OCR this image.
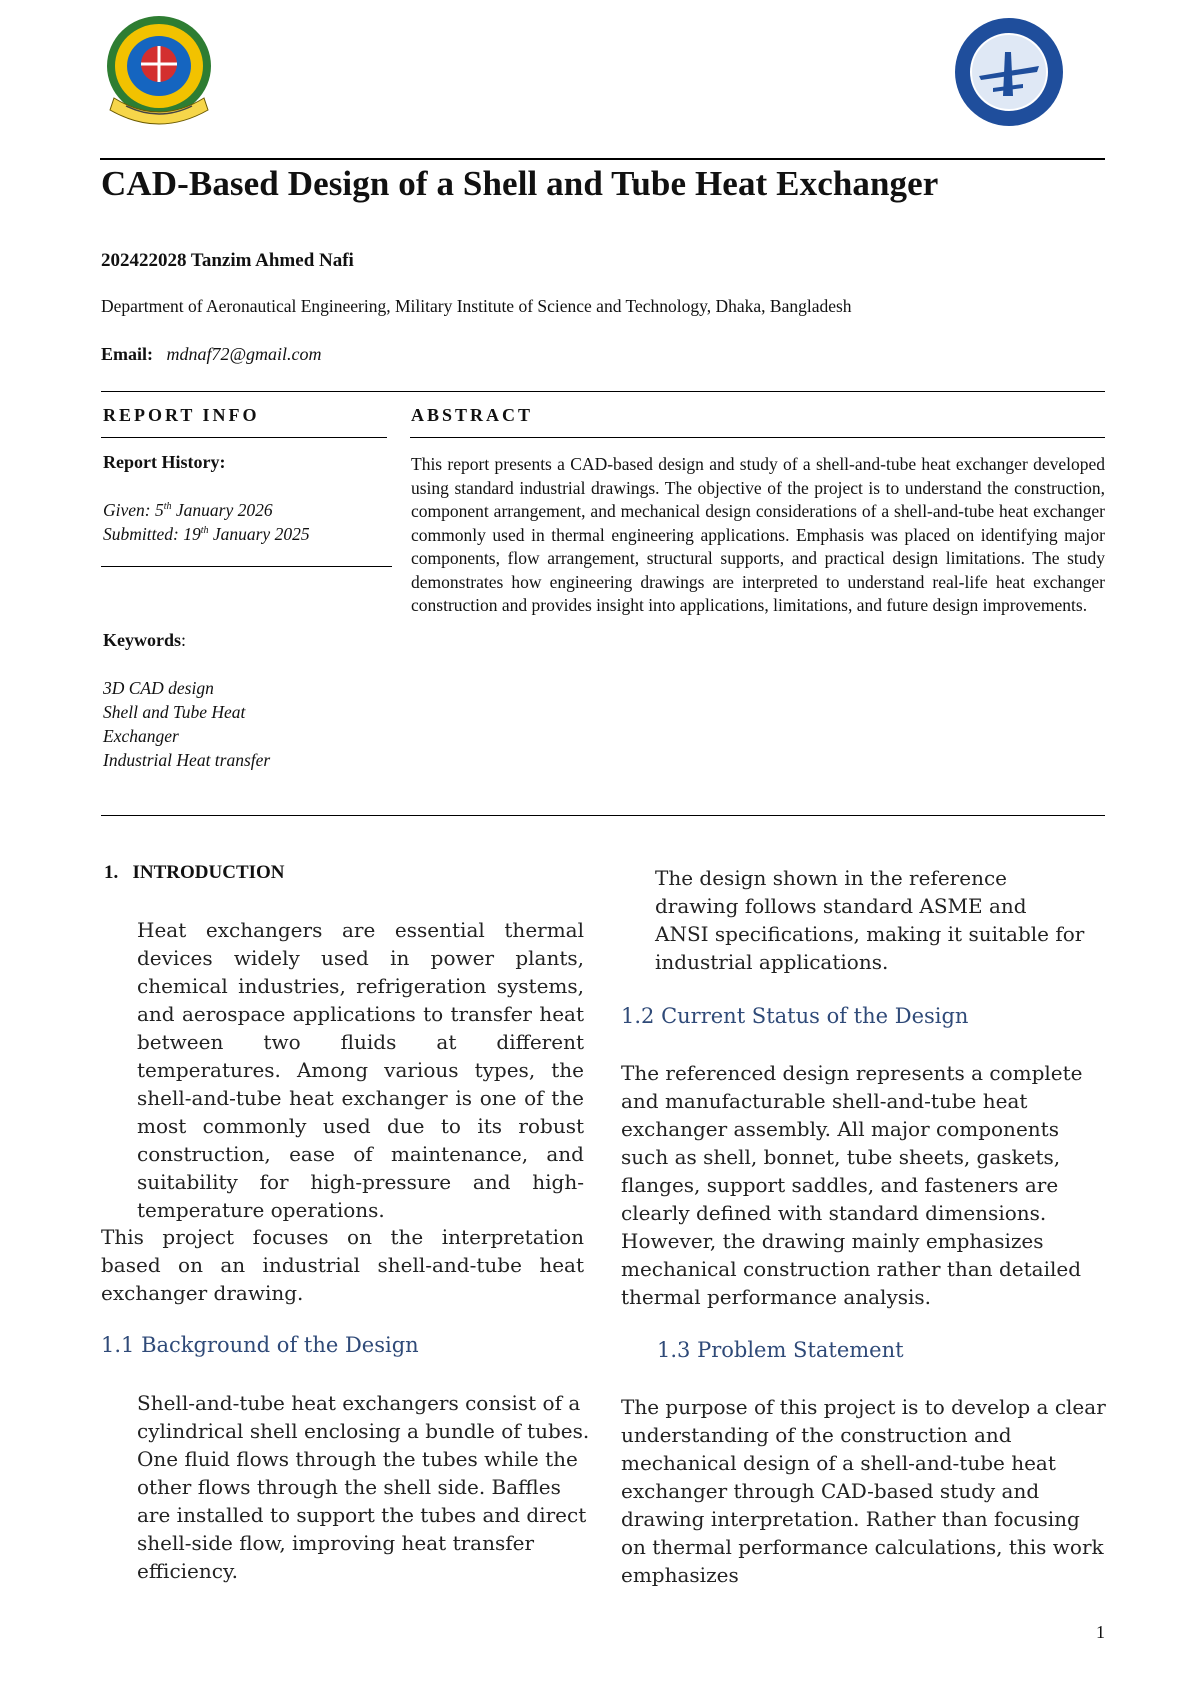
CAD-Based Design of a Shell and Tube Heat Exchanger
202422028 Tanzim Ahmed Nafi
Department of Aeronautical Engineering, Military Institute of Science and Technology, Dhaka, Bangladesh
Email: mdnaf72@gmail.com
REPORT INFO
Report History:
Given: 5th January 2026
Submitted: 19th January 2025
Keywords:
3D CAD design
Shell and Tube Heat
Exchanger
Industrial Heat transfer
ABSTRACT
This report presents a CAD-based design and study of a shell-and-tube heat exchanger developed using standard industrial drawings. The objective of the project is to understand the construction, component arrangement, and mechanical design considerations of a shell-and-tube heat exchanger commonly used in thermal engineering applications. Emphasis was placed on identifying major components, flow arrangement, structural supports, and practical design limitations. The study demonstrates how engineering drawings are interpreted to understand real-life heat exchanger construction and provides insight into applications, limitations, and future design improvements.
1. INTRODUCTION
Heat exchangers are essential thermal devices widely used in power plants, chemical industries, refrigeration systems, and aerospace applications to transfer heat between two fluids at different temperatures. Among various types, the shell-and-tube heat exchanger is one of the most commonly used due to its robust construction, ease of maintenance, and suitability for high-pressure and high-temperature operations.
This project focuses on the interpretation based on an industrial shell-and-tube heat exchanger drawing.
1.1 Background of the Design
Shell-and-tube heat exchangers consist of a cylindrical shell enclosing a bundle of tubes. One fluid flows through the tubes while the other flows through the shell side. Baffles are installed to support the tubes and direct shell-side flow, improving heat transfer efficiency.
The design shown in the reference drawing follows standard ASME and ANSI specifications, making it suitable for industrial applications.
1.2 Current Status of the Design
The referenced design represents a complete and manufacturable shell-and-tube heat exchanger assembly. All major components such as shell, bonnet, tube sheets, gaskets, flanges, support saddles, and fasteners are clearly defined with standard dimensions. However, the drawing mainly emphasizes mechanical construction rather than detailed thermal performance analysis.
1.3 Problem Statement
The purpose of this project is to develop a clear understanding of the construction and mechanical design of a shell-and-tube heat exchanger through CAD-based study and drawing interpretation. Rather than focusing on thermal performance calculations, this work emphasizes
1
